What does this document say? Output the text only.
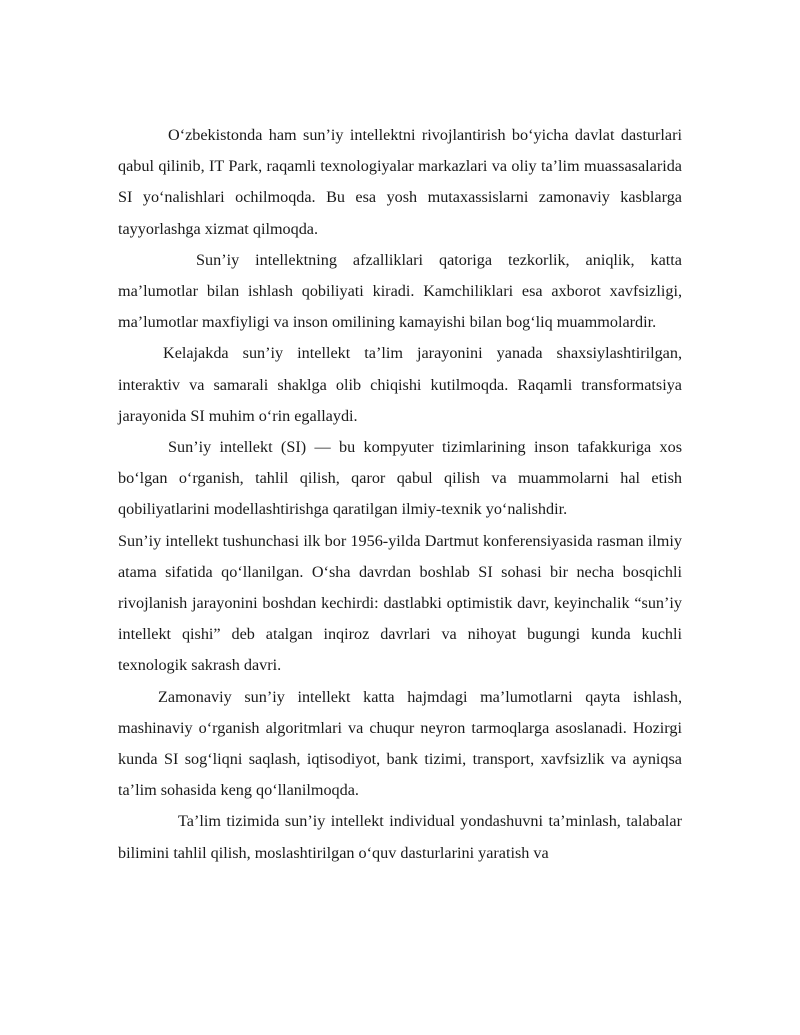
O‘zbekistonda ham sun’iy intellektni rivojlantirish bo‘yicha davlat dasturlari qabul qilinib, IT Park, raqamli texnologiyalar markazlari va oliy ta’lim muassasalarida SI yo‘nalishlari ochilmoqda. Bu esa yosh mutaxassislarni zamonaviy kasblarga tayyorlashga xizmat qilmoqda.

Sun’iy intellektning afzalliklari qatoriga tezkorlik, aniqlik, katta ma’lumotlar bilan ishlash qobiliyati kiradi. Kamchiliklari esa axborot xavfsizligi, ma’lumotlar maxfiyligi va inson omilining kamayishi bilan bog‘liq muammolardir.

Kelajakda sun’iy intellekt ta’lim jarayonini yanada shaxsiylashtirilgan, interaktiv va samarali shaklga olib chiqishi kutilmoqda. Raqamli transformatsiya jarayonida SI muhim o‘rin egallaydi.

Sun’iy intellekt (SI) — bu kompyuter tizimlarining inson tafakkuriga xos bo‘lgan o‘rganish, tahlil qilish, qaror qabul qilish va muammolarni hal etish qobiliyatlarini modellashtirishga qaratilgan ilmiy-texnik yo‘nalishdir.

Sun’iy intellekt tushunchasi ilk bor 1956-yilda Dartmut konferensiyasida rasman ilmiy atama sifatida qo‘llanilgan. O‘sha davrdan boshlab SI sohasi bir necha bosqichli rivojlanish jarayonini boshdan kechirdi: dastlabki optimistik davr, keyinchalik “sun’iy intellekt qishi” deb atalgan inqiroz davrlari va nihoyat bugungi kunda kuchli texnologik sakrash davri.

Zamonaviy sun’iy intellekt katta hajmdagi ma’lumotlarni qayta ishlash, mashinaviy o‘rganish algoritmlari va chuqur neyron tarmoqlarga asoslanadi. Hozirgi kunda SI sog‘liqni saqlash, iqtisodiyot, bank tizimi, transport, xavfsizlik va ayniqsa ta’lim sohasida keng qo‘llanilmoqda.

Ta’lim tizimida sun’iy intellekt individual yondashuvni ta’minlash, talabalar bilimini tahlil qilish, moslashtirilgan o‘quv dasturlarini yaratish va
